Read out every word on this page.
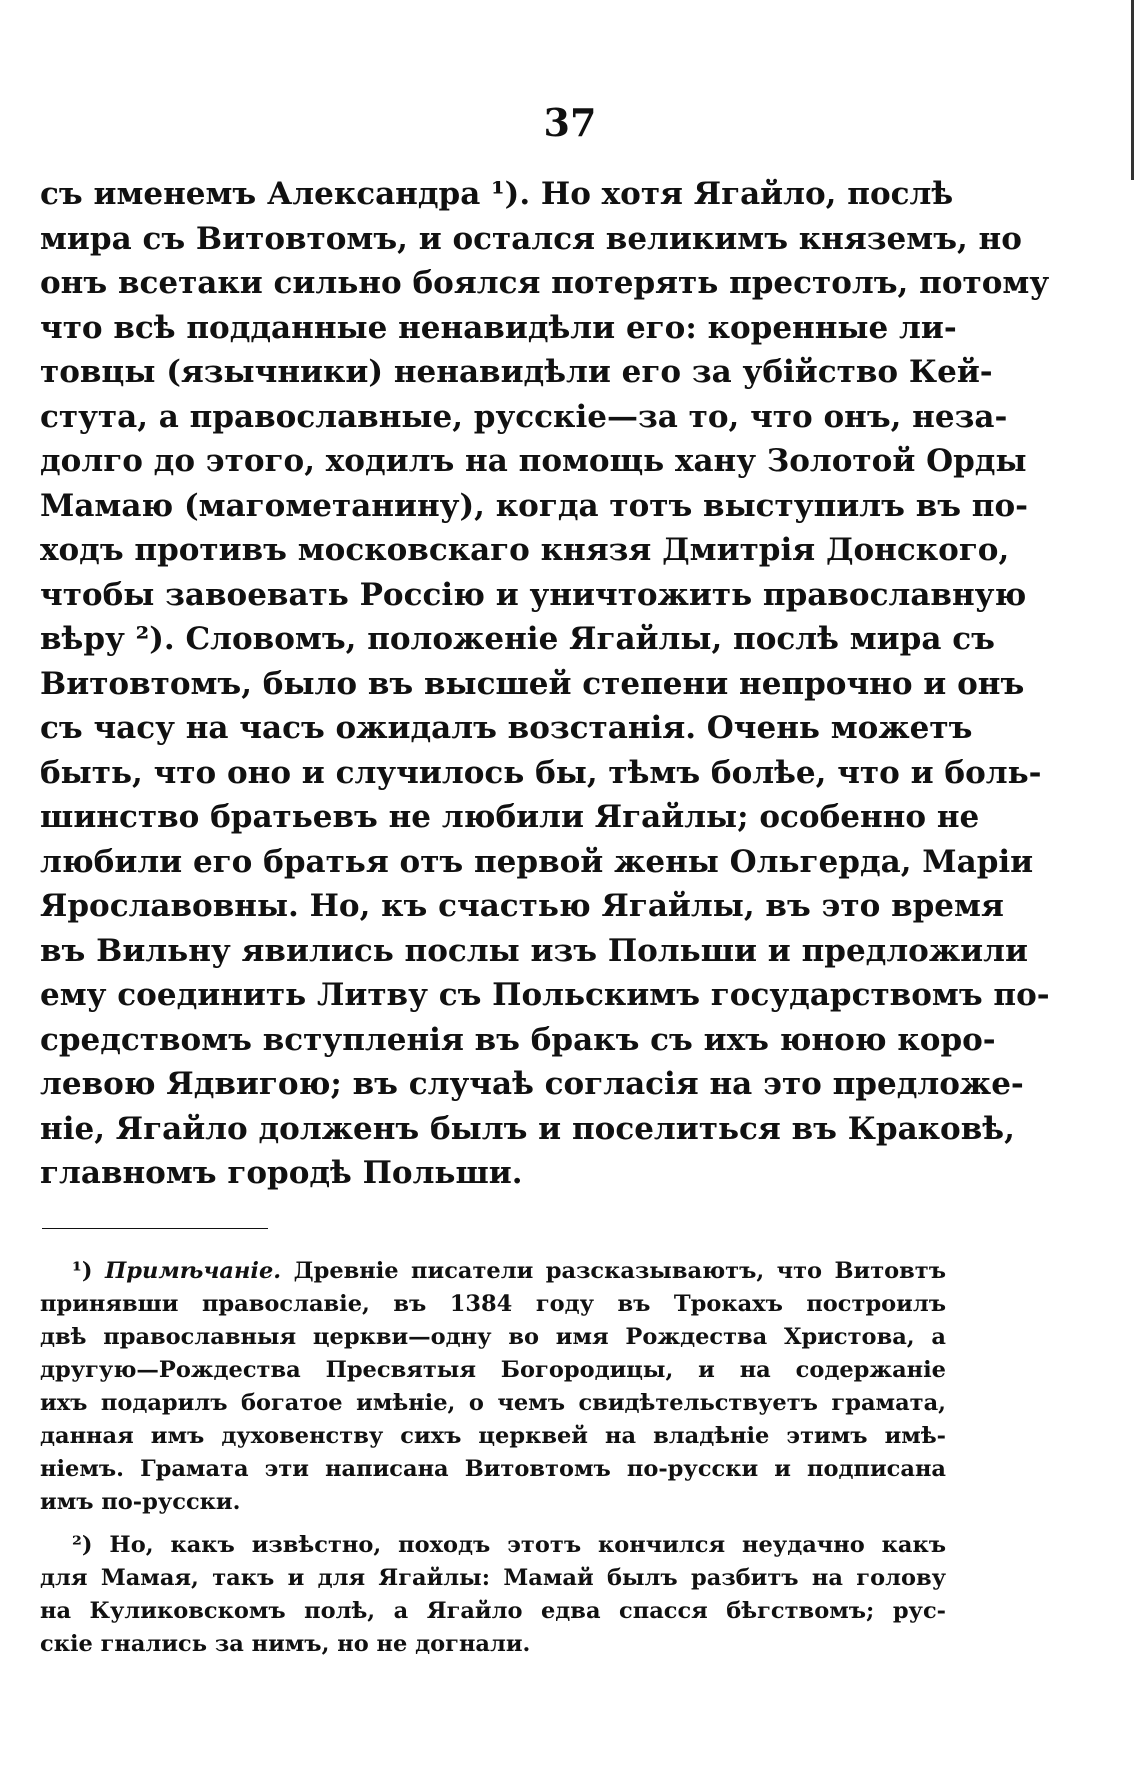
37
съ именемъ Александра ¹). Но хотя Ягайло, послѣ
мира съ Витовтомъ, и остался великимъ княземъ, но
онъ всетаки сильно боялся потерять престолъ, потому
что всѣ подданные ненавидѣли его: коренные ли-
товцы (язычники) ненавидѣли его за убійство Кей-
стута, а православные, русскіе—за то, что онъ, неза-
долго до этого, ходилъ на помощь хану Золотой Орды
Мамаю (магометанину), когда тотъ выступилъ въ по-
ходъ противъ московскаго князя Дмитрія Донского,
чтобы завоевать Россію и уничтожить православную
вѣру ²). Словомъ, положеніе Ягайлы, послѣ мира съ
Витовтомъ, было въ высшей степени непрочно и онъ
съ часу на часъ ожидалъ возстанія. Очень можетъ
быть, что оно и случилось бы, тѣмъ болѣе, что и боль-
шинство братьевъ не любили Ягайлы; особенно не
любили его братья отъ первой жены Ольгерда, Маріи
Ярославовны. Но, къ счастью Ягайлы, въ это время
въ Вильну явились послы изъ Польши и предложили
ему соединить Литву съ Польскимъ государствомъ по-
средствомъ вступленія въ бракъ съ ихъ юною коро-
левою Ядвигою; въ случаѣ согласія на это предложе-
ніе, Ягайло долженъ былъ и поселиться въ Краковѣ,
главномъ городѣ Польши.
¹) Примѣчаніе. Древніе писатели разсказываютъ, что Витовтъ
принявши православіе, въ 1384 году въ Трокахъ построилъ
двѣ православныя церкви—одну во имя Рождества Христова, а
другую—Рождества Пресвятыя Богородицы, и на содержаніе
ихъ подарилъ богатое имѣніе, о чемъ свидѣтельствуетъ грамата,
данная имъ духовенству сихъ церквей на владѣніе этимъ имѣ-
ніемъ. Грамата эти написана Витовтомъ по-русски и подписана
имъ по-русски.
²) Но, какъ извѣстно, походъ этотъ кончился неудачно какъ
для Мамая, такъ и для Ягайлы: Мамай былъ разбитъ на голову
на Куликовскомъ полѣ, а Ягайло едва спасся бѣгствомъ; рус-
скіе гнались за нимъ, но не догнали.
